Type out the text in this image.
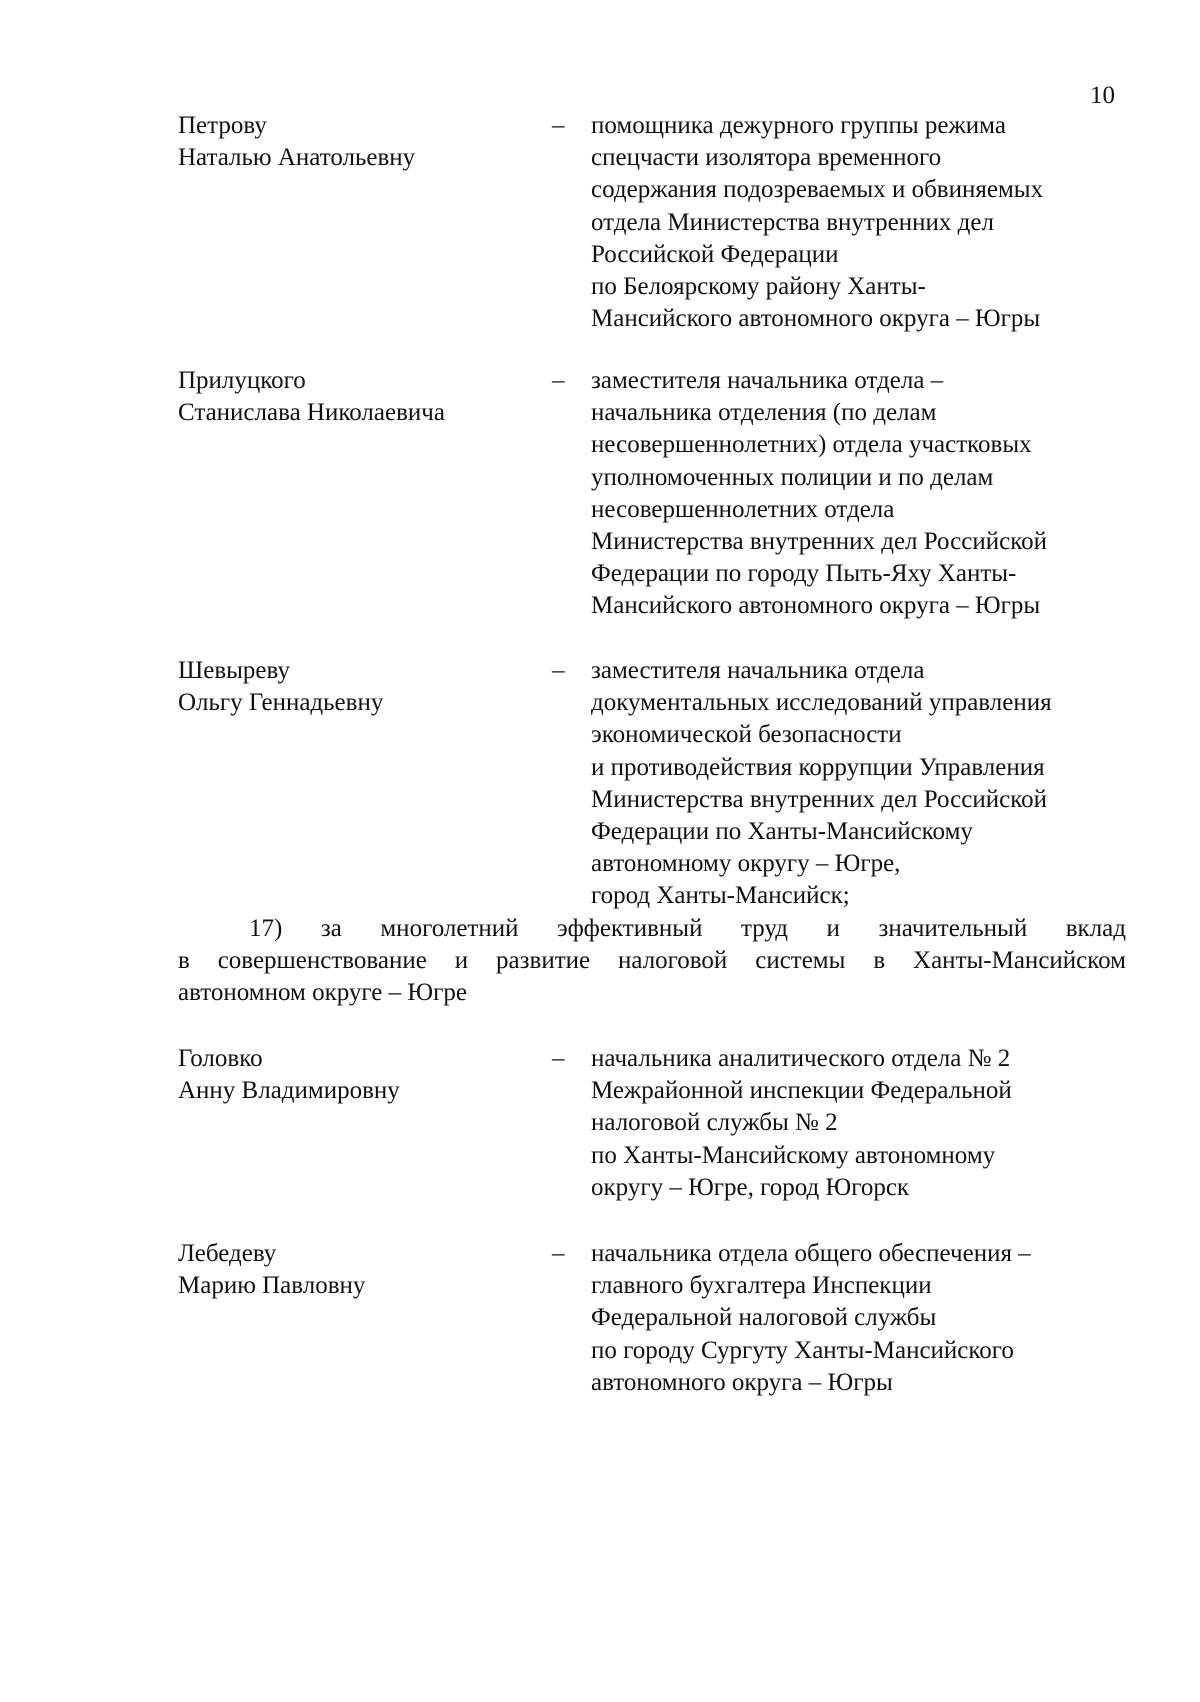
10
Петрову
Наталью Анатольевну
– помощника дежурного группы режима
спецчасти изолятора временного
содержания подозреваемых и обвиняемых
отдела Министерства внутренних дел
Российской Федерации
по Белоярскому району Ханты-
Мансийского автономного округа – Югры
Прилуцкого
Станислава Николаевича
– заместителя начальника отдела –
начальника отделения (по делам
несовершеннолетних) отдела участковых
уполномоченных полиции и по делам
несовершеннолетних отдела
Министерства внутренних дел Российской
Федерации по городу Пыть-Яху Ханты-
Мансийского автономного округа – Югры
Шевыреву
Ольгу Геннадьевну
– заместителя начальника отдела
документальных исследований управления
экономической безопасности
и противодействия коррупции Управления
Министерства внутренних дел Российской
Федерации по Ханты-Мансийскому
автономному округу – Югре,
город Ханты-Мансийск;
17) за многолетний эффективный труд и значительный вклад
в совершенствование и развитие налоговой системы в Ханты-Мансийском
автономном округе – Югре
Головко
Анну Владимировну
– начальника аналитического отдела № 2
Межрайонной инспекции Федеральной
налоговой службы № 2
по Ханты-Мансийскому автономному
округу – Югре, город Югорск
Лебедеву
Марию Павловну
– начальника отдела общего обеспечения –
главного бухгалтера Инспекции
Федеральной налоговой службы
по городу Сургуту Ханты-Мансийского
автономного округа – Югры
